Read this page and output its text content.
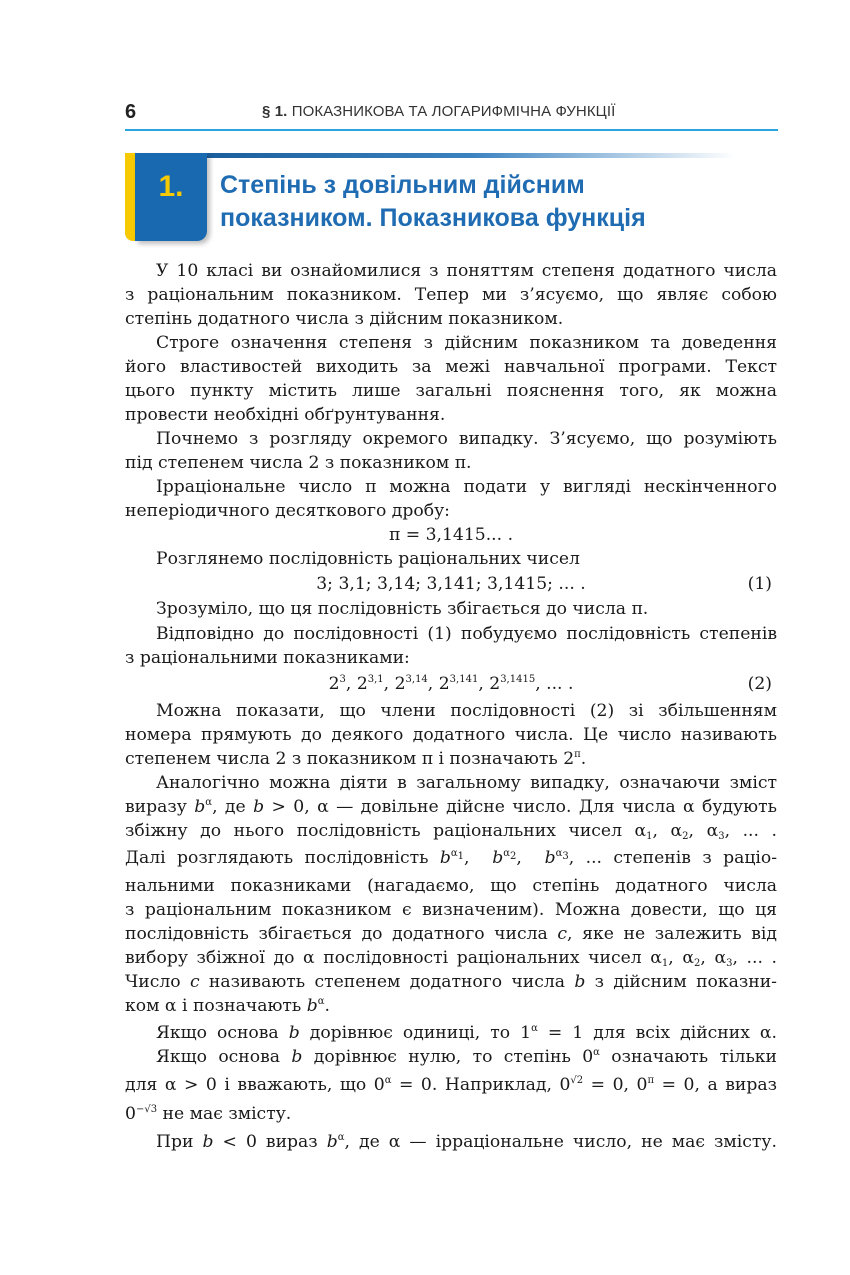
6	§ 1. ПОКАЗНИКОВА ТА ЛОГАРИФМІЧНА ФУНКЦІЇ
1.	Степінь з довільним дійсним
показником. Показникова функція
У 10 класі ви ознайомилися з поняттям степеня додатного числа
з раціональним показником. Тепер ми з’ясуємо, що являє собою
степінь додатного числа з дійсним показником.
Строге означення степеня з дійсним показником та доведення
його властивостей виходить за межі навчальної програми. Текст
цього пункту містить лише загальні пояснення того, як можна
провести необхідні обґрунтування.
Почнемо з розгляду окремого випадку. З’ясуємо, що розуміють
під степенем числа 2 з показником π.
Ірраціональне число π можна подати у вигляді нескінченного
неперіодичного десяткового дробу:
π = 3,1415... .
Розглянемо послідовність раціональних чисел
3; 3,1; 3,14; 3,141; 3,1415; ... .	(1)
Зрозуміло, що ця послідовність збігається до числа π.
Відповідно до послідовності (1) побудуємо послідовність степенів
з раціональними показниками:
$2^3$, 2$^{3,1}$, 2$^{3,14}$, 2$^{3,141}$, $2^{3,1415}$, ... .	(2)
Можна показати, що члени послідовності (2) зі збільшенням
номера прямують до деякого додатного числа. Це число називають
степенем числа 2 з показником π і позначають $2^\pi$.
Аналогічно можна діяти в загальному випадку, означаючи зміст
виразу $b^\alpha$, де b > 0, α — довільне дійсне число. Для числа α будують
збіжну до нього послідовність раціональних чисел $\alpha_1$, $\alpha_2$, $\alpha_3$, ... .
Далі розглядають послідовність $b^{\alpha_1}$,  $b^{\alpha_2}$,  $b^{\alpha_3}$, ... степенів з раціо-
нальними показниками (нагадаємо, що степінь додатного числа
з раціональним показником є визначеним). Можна довести, що ця
послідовність збігається до додатного числа c, яке не залежить від
вибору збіжної до α послідовності раціональних чисел $\alpha_1$, $\alpha_2$, $\alpha_3$, ... .
Число c називають степенем додатного числа b з дійсним показни-
ком α і позначають $b^\alpha$.
Якщо основа b дорівнює одиниці, то $1^\alpha = 1$ для всіх дійсних α.
Якщо основа b дорівнює нулю, то степінь $0^\alpha$ означають тільки
для α > 0 і вважають, що $0^\alpha = 0$. Наприклад, $0^{√2} = 0$, $0^\pi = 0$, а вираз
$0^{-√3}$ не має змісту.
При b < 0 вираз $b^\alpha$, де α — ірраціональне число, не має змісту.
